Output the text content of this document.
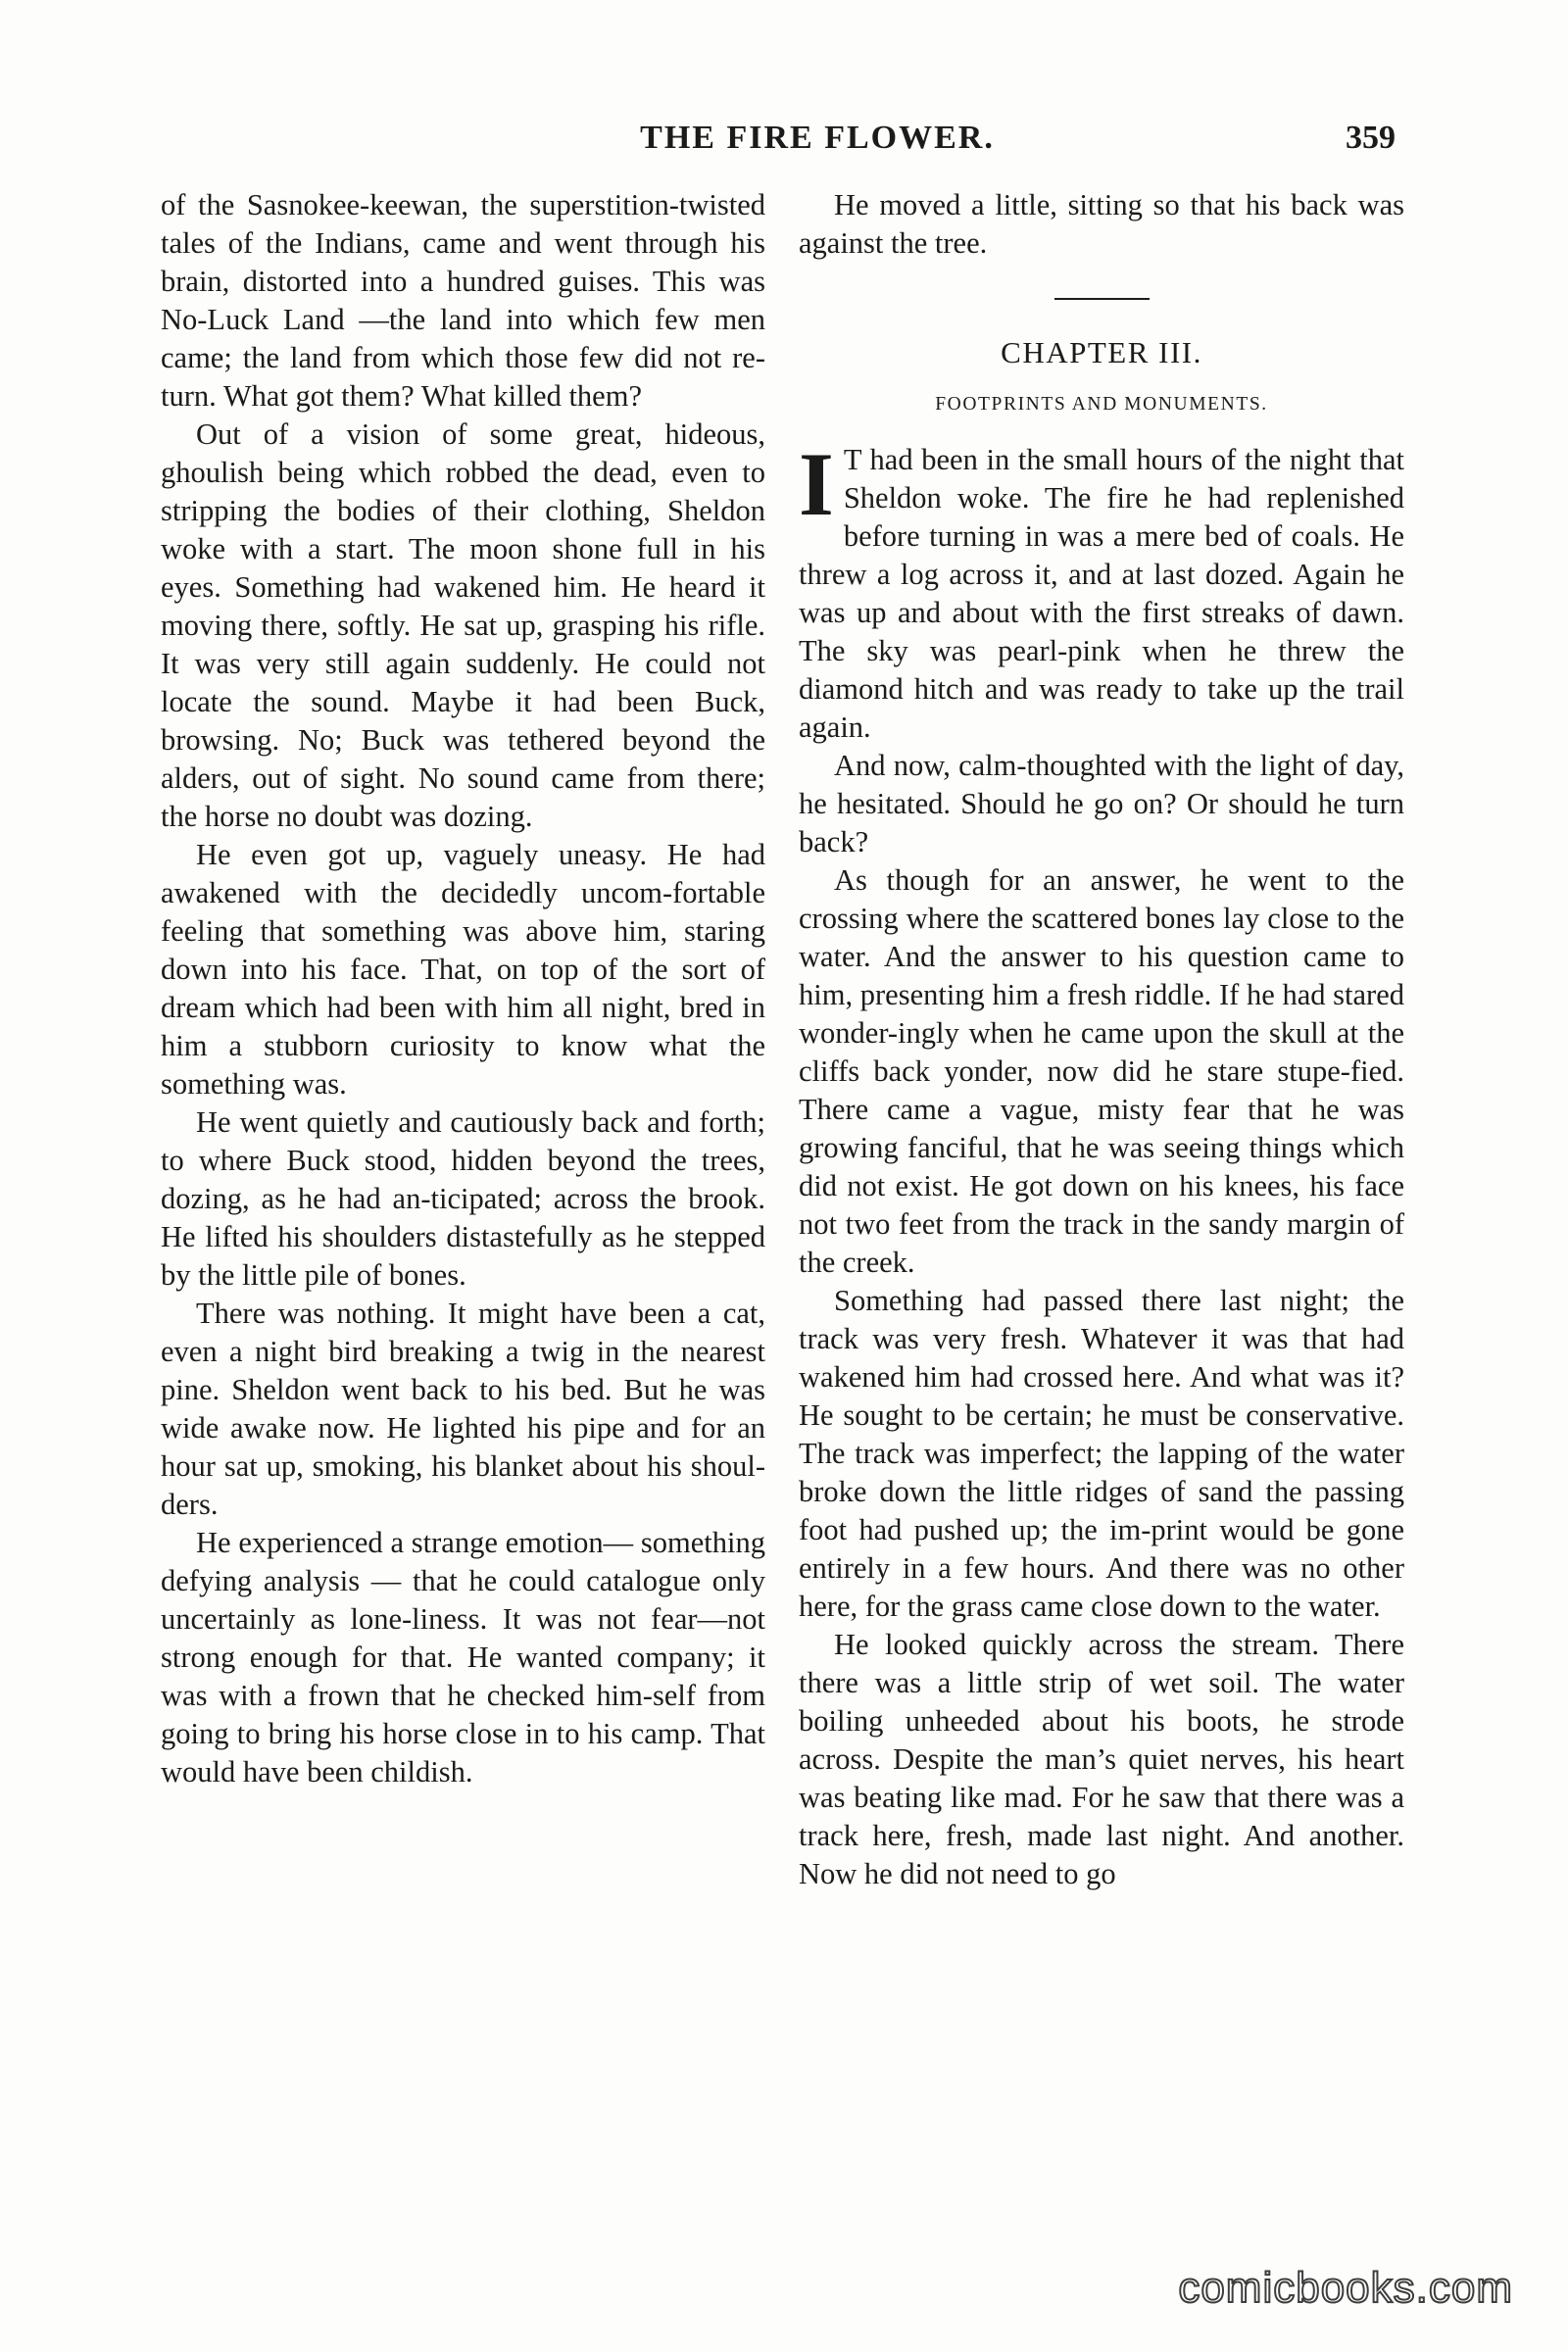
THE FIRE FLOWER.	359

of the Sasnokee-keewan, the superstition-twisted tales of the Indians, came and went through his brain, distorted into a hundred guises. This was No-Luck Land —the land into which few men came; the land from which those few did not re-turn. What got them? What killed them?

Out of a vision of some great, hideous, ghoulish being which robbed the dead, even to stripping the bodies of their clothing, Sheldon woke with a start. The moon shone full in his eyes. Something had wakened him. He heard it moving there, softly. He sat up, grasping his rifle. It was very still again suddenly. He could not locate the sound. Maybe it had been Buck, browsing. No; Buck was tethered beyond the alders, out of sight. No sound came from there; the horse no doubt was dozing.

He even got up, vaguely uneasy. He had awakened with the decidedly uncom-fortable feeling that something was above him, staring down into his face. That, on top of the sort of dream which had been with him all night, bred in him a stubborn curiosity to know what the something was.

He went quietly and cautiously back and forth; to where Buck stood, hidden beyond the trees, dozing, as he had an-ticipated; across the brook. He lifted his shoulders distastefully as he stepped by the little pile of bones.

There was nothing. It might have been a cat, even a night bird breaking a twig in the nearest pine. Sheldon went back to his bed. But he was wide awake now. He lighted his pipe and for an hour sat up, smoking, his blanket about his shoul-ders.

He experienced a strange emotion— something defying analysis — that he could catalogue only uncertainly as lone-liness. It was not fear—not strong enough for that. He wanted company; it was with a frown that he checked him-self from going to bring his horse close in to his camp. That would have been childish.

He moved a little, sitting so that his back was against the tree.

CHAPTER III.
FOOTPRINTS AND MONUMENTS.

I T had been in the small hours of the night that Sheldon woke. The fire he had replenished before turning in was a mere bed of coals. He threw a log across it, and at last dozed. Again he was up and about with the first streaks of dawn. The sky was pearl-pink when he threw the diamond hitch and was ready to take up the trail again.

And now, calm-thoughted with the light of day, he hesitated. Should he go on? Or should he turn back?

As though for an answer, he went to the crossing where the scattered bones lay close to the water. And the answer to his question came to him, presenting him a fresh riddle. If he had stared wonder-ingly when he came upon the skull at the cliffs back yonder, now did he stare stupe-fied. There came a vague, misty fear that he was growing fanciful, that he was seeing things which did not exist. He got down on his knees, his face not two feet from the track in the sandy margin of the creek.

Something had passed there last night; the track was very fresh. Whatever it was that had wakened him had crossed here. And what was it? He sought to be certain; he must be conservative. The track was imperfect; the lapping of the water broke down the little ridges of sand the passing foot had pushed up; the im-print would be gone entirely in a few hours. And there was no other here, for the grass came close down to the water.

He looked quickly across the stream. There there was a little strip of wet soil. The water boiling unheeded about his boots, he strode across. Despite the man’s quiet nerves, his heart was beating like mad. For he saw that there was a track here, fresh, made last night. And another. Now he did not need to go

comicbooks.com
